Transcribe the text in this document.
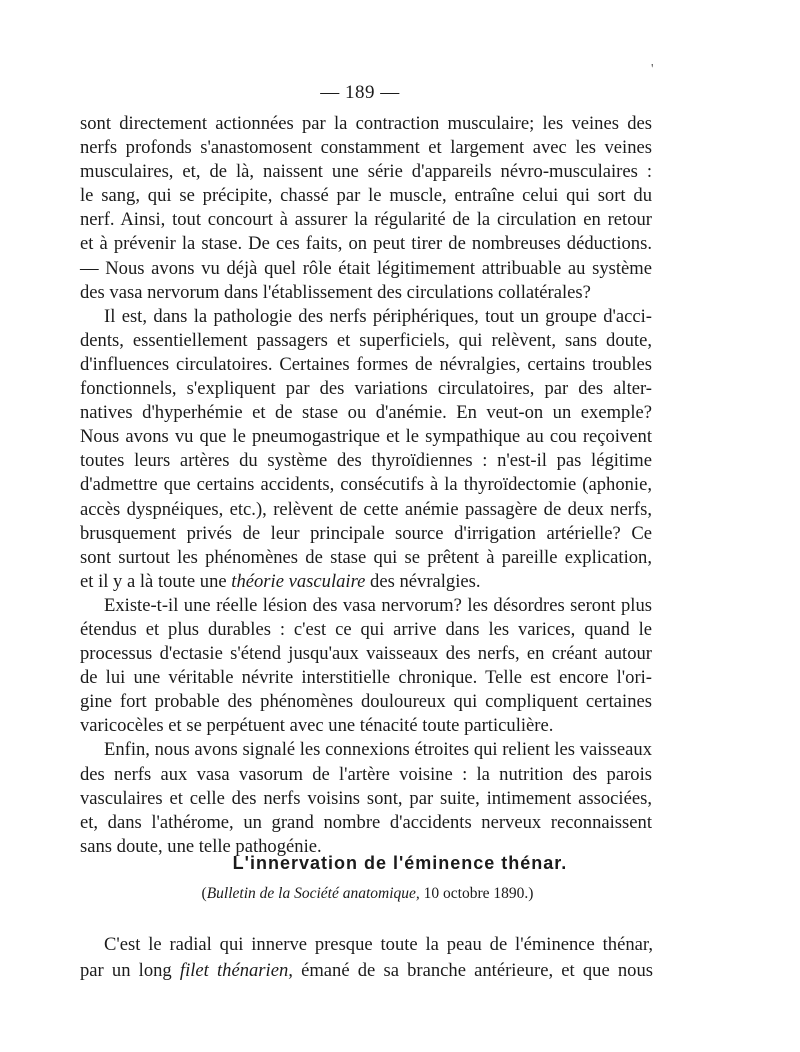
'
— 189 —
sont directement actionnées par la contraction musculaire; les veines des
nerfs profonds s'anastomosent constamment et largement avec les veines
musculaires, et, de là, naissent une série d'appareils névro-musculaires :
le sang, qui se précipite, chassé par le muscle, entraîne celui qui sort du
nerf. Ainsi, tout concourt à assurer la régularité de la circulation en retour
et à prévenir la stase. De ces faits, on peut tirer de nombreuses déductions.
— Nous avons vu déjà quel rôle était légitimement attribuable au système
des vasa nervorum dans l'établissement des circulations collatérales?
Il est, dans la pathologie des nerfs périphériques, tout un groupe d'acci-
dents, essentiellement passagers et superficiels, qui relèvent, sans doute,
d'influences circulatoires. Certaines formes de névralgies, certains troubles
fonctionnels, s'expliquent par des variations circulatoires, par des alter-
natives d'hyperhémie et de stase ou d'anémie. En veut-on un exemple?
Nous avons vu que le pneumogastrique et le sympathique au cou reçoivent
toutes leurs artères du système des thyroïdiennes : n'est-il pas légitime
d'admettre que certains accidents, consécutifs à la thyroïdectomie (aphonie,
accès dyspnéiques, etc.), relèvent de cette anémie passagère de deux nerfs,
brusquement privés de leur principale source d'irrigation artérielle? Ce
sont surtout les phénomènes de stase qui se prêtent à pareille explication,
et il y a là toute une théorie vasculaire des névralgies.
Existe-t-il une réelle lésion des vasa nervorum? les désordres seront plus
étendus et plus durables : c'est ce qui arrive dans les varices, quand le
processus d'ectasie s'étend jusqu'aux vaisseaux des nerfs, en créant autour
de lui une véritable névrite interstitielle chronique. Telle est encore l'ori-
gine fort probable des phénomènes douloureux qui compliquent certaines
varicocèles et se perpétuent avec une ténacité toute particulière.
Enfin, nous avons signalé les connexions étroites qui relient les vaisseaux
des nerfs aux vasa vasorum de l'artère voisine : la nutrition des parois
vasculaires et celle des nerfs voisins sont, par suite, intimement associées,
et, dans l'athérome, un grand nombre d'accidents nerveux reconnaissent
sans doute, une telle pathogénie.
L'innervation de l'éminence thénar.
(Bulletin de la Société anatomique, 10 octobre 1890.)
C'est le radial qui innerve presque toute la peau de l'éminence thénar,
par un long filet thénarien, émané de sa branche antérieure, et que nous
